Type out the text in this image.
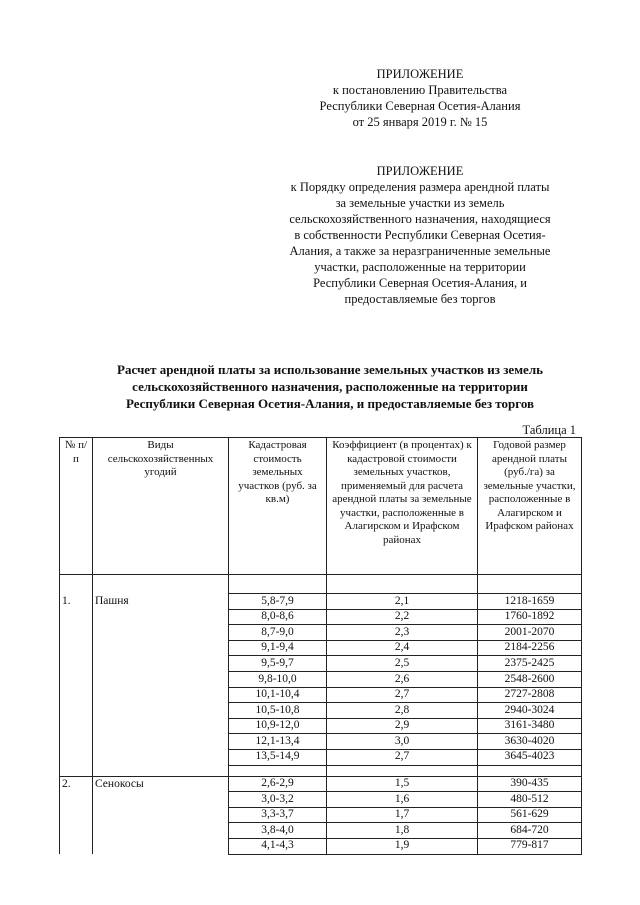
ПРИЛОЖЕНИЕ
к постановлению Правительства
Республики Северная Осетия-Алания
от 25 января 2019 г. № 15
ПРИЛОЖЕНИЕ
к Порядку определения размера арендной платы
за земельные участки из земель
сельскохозяйственного назначения, находящиеся
в собственности Республики Северная Осетия-
Алания, а также за неразграниченные земельные
участки, расположенные на территории
Республики Северная Осетия-Алания, и
предоставляемые без торгов
Расчет арендной платы за использование земельных участков из земель
сельскохозяйственного назначения, расположенные на территории
Республики Северная Осетия-Алания, и предоставляемые без торгов
Таблица 1
№ п/п	Виды сельскохозяйственных угодий	Кадастровая стоимость земельных участков (руб. за кв.м)	Коэффициент (в процентах) к кадастровой стоимости земельных участков, применяемый для расчета арендной платы за земельные участки, расположенные в Алагирском и Ирафском районах	Годовой размер арендной платы (руб./га) за земельные участки, расположенные в Алагирском и Ирафском районах

1.	Пашня	5,8-7,9	2,1	1218-1659
		8,0-8,6	2,2	1760-1892
		8,7-9,0	2,3	2001-2070
		9,1-9,4	2,4	2184-2256
		9,5-9,7	2,5	2375-2425
		9,8-10,0	2,6	2548-2600
		10,1-10,4	2,7	2727-2808
		10,5-10,8	2,8	2940-3024
		10,9-12,0	2,9	3161-3480
		12,1-13,4	3,0	3630-4020
		13,5-14,9	2,7	3645-4023

2.	Сенокосы	2,6-2,9	1,5	390-435
		3,0-3,2	1,6	480-512
		3,3-3,7	1,7	561-629
		3,8-4,0	1,8	684-720
		4,1-4,3	1,9	779-817
